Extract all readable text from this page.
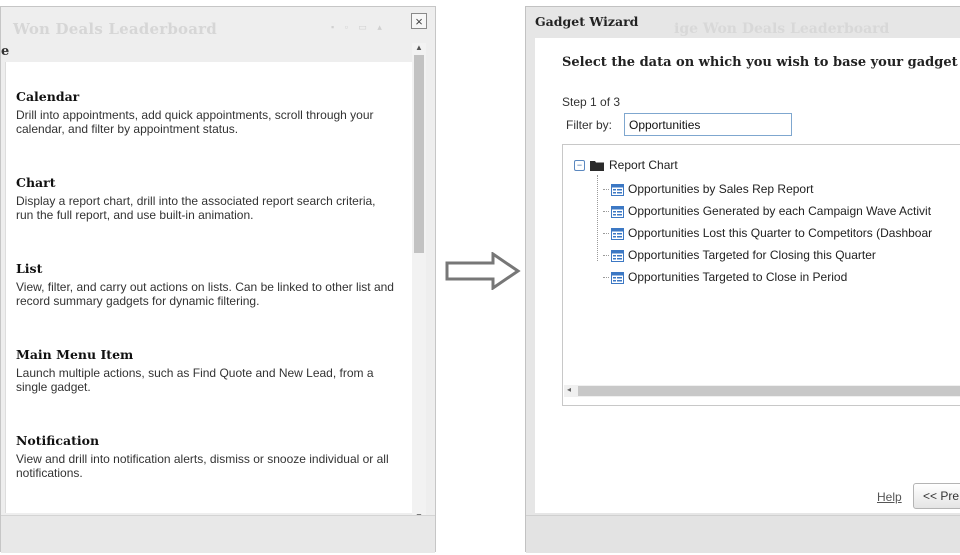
Won Deals Leaderboard	▪ ▫ ▭ ▴	×
e
Calendar
Drill into appointments, add quick appointments, scroll through your calendar, and filter by appointment status.
Chart
Display a report chart, drill into the associated report search criteria, run the full report, and use built-in animation.
List
View, filter, and carry out actions on lists. Can be linked to other list and record summary gadgets for dynamic filtering.
Main Menu Item
Launch multiple actions, such as Find Quote and New Lead, from a single gadget.
Notification
View and drill into notification alerts, dismiss or snooze individual or all notifications.
▲
ige Won Deals Leaderboard
Gadget Wizard
Select the data on which you wish to base your gadget
Step 1 of 3
Filter by:
Opportunities
− Report Chart
Opportunities by Sales Rep Report
Opportunities Generated by each Campaign Wave Activit
Opportunities Lost this Quarter to Competitors (Dashboar
Opportunities Targeted for Closing this Quarter
Opportunities Targeted to Close in Period
◂
Help	<< Pre
